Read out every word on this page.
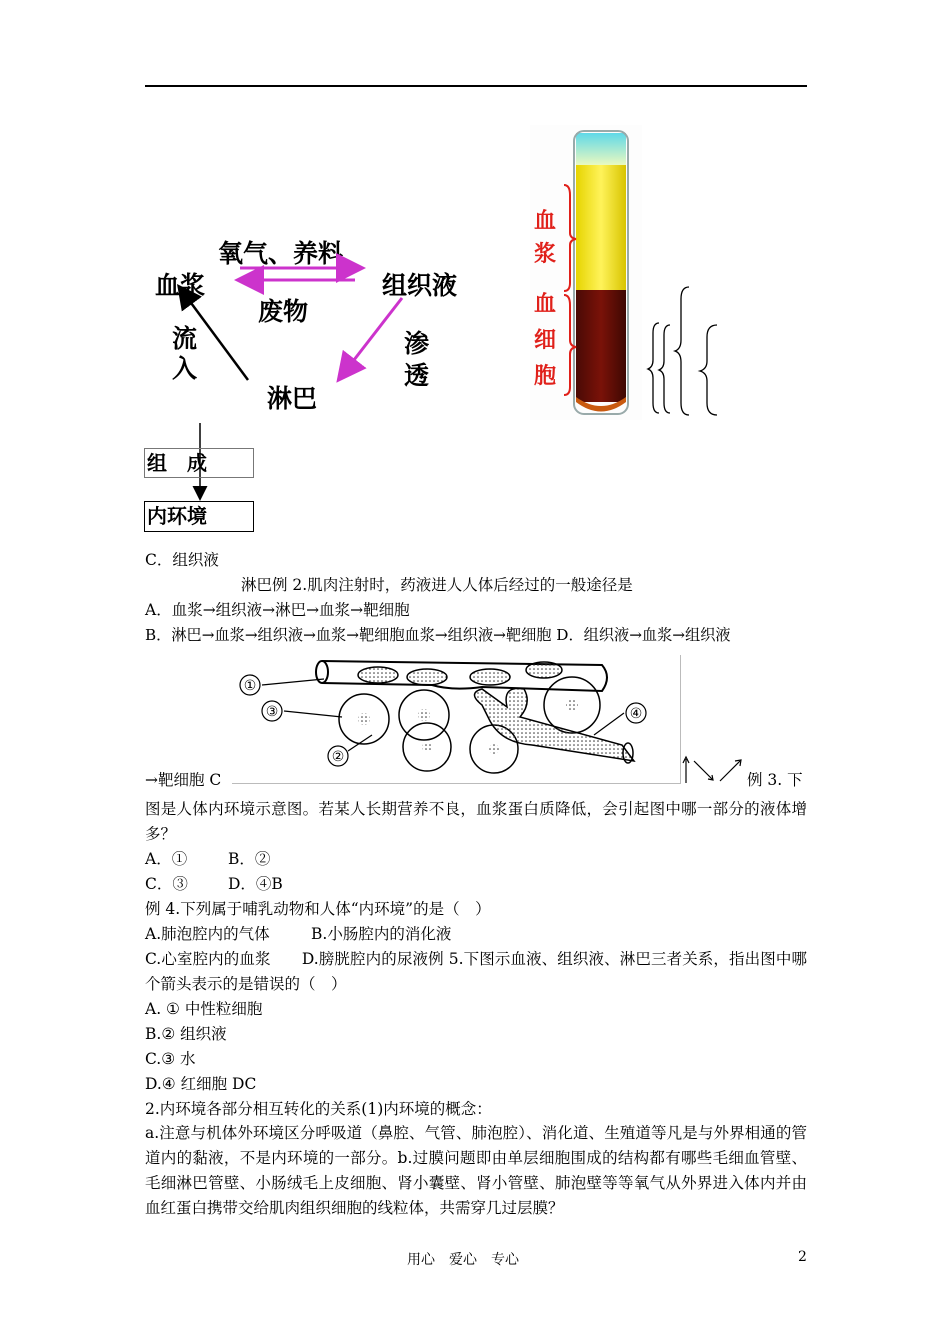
氧气、养料
血浆	组织液
废物
流
入
渗
透
淋巴
组　成
内环境
血
浆
血
细
胞
C．组织液
淋巴例 2.肌肉注射时，药液进人人体后经过的一般途径是
A．血浆→组织液→淋巴→血浆→靶细胞
B．淋巴→血浆→组织液→血浆→靶细胞血浆→组织液→靶细胞 D．组织液→血浆→组织液
①
③
②
④
→靶细胞 C	例 3. 下
图是人体内环境示意图。若某人长期营养不良，血浆蛋白质降低，会引起图中哪一部分的液体增多？
A．①	B．②
C．③	D．④B
例 4.下列属于哺乳动物和人体“内环境”的是（　）
A.肺泡腔内的气体	B.小肠腔内的消化液
C.心室腔内的血浆　　D.膀胱腔内的尿液例 5.下图示血液、组织液、淋巴三者关系，指出图中哪个箭头表示的是错误的（　）
A. ① 中性粒细胞
B.② 组织液
C.③ 水
D.④ 红细胞 DC
2.内环境各部分相互转化的关系(1)内环境的概念：
a.注意与机体外环境区分呼吸道（鼻腔、气管、肺泡腔）、消化道、生殖道等凡是与外界相通的管道内的黏液，不是内环境的一部分。b.过膜问题即由单层细胞围成的结构都有哪些毛细血管壁、毛细淋巴管壁、小肠绒毛上皮细胞、肾小囊壁、肾小管壁、肺泡壁等等氧气从外界进入体内并由血红蛋白携带交给肌肉组织细胞的线粒体，共需穿几过层膜？
用心　爱心　专心	2
